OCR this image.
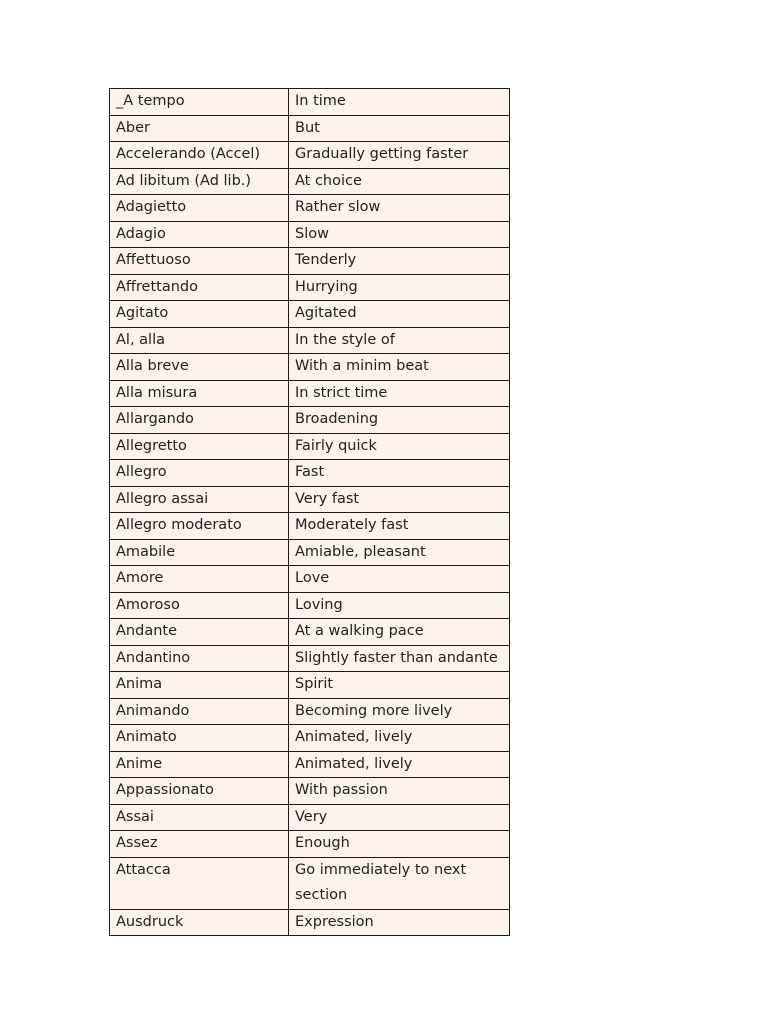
_A tempo	In time
Aber	But
Accelerando (Accel)	Gradually getting faster
Ad libitum (Ad lib.)	At choice
Adagietto	Rather slow
Adagio	Slow
Affettuoso	Tenderly
Affrettando	Hurrying
Agitato	Agitated
Al, alla	In the style of
Alla breve	With a minim beat
Alla misura	In strict time
Allargando	Broadening
Allegretto	Fairly quick
Allegro	Fast
Allegro assai	Very fast
Allegro moderato	Moderately fast
Amabile	Amiable, pleasant
Amore	Love
Amoroso	Loving
Andante	At a walking pace
Andantino	Slightly faster than andante
Anima	Spirit
Animando	Becoming more lively
Animato	Animated, lively
Anime	Animated, lively
Appassionato	With passion
Assai	Very
Assez	Enough
Attacca	Go immediately to next section
Ausdruck	Expression
